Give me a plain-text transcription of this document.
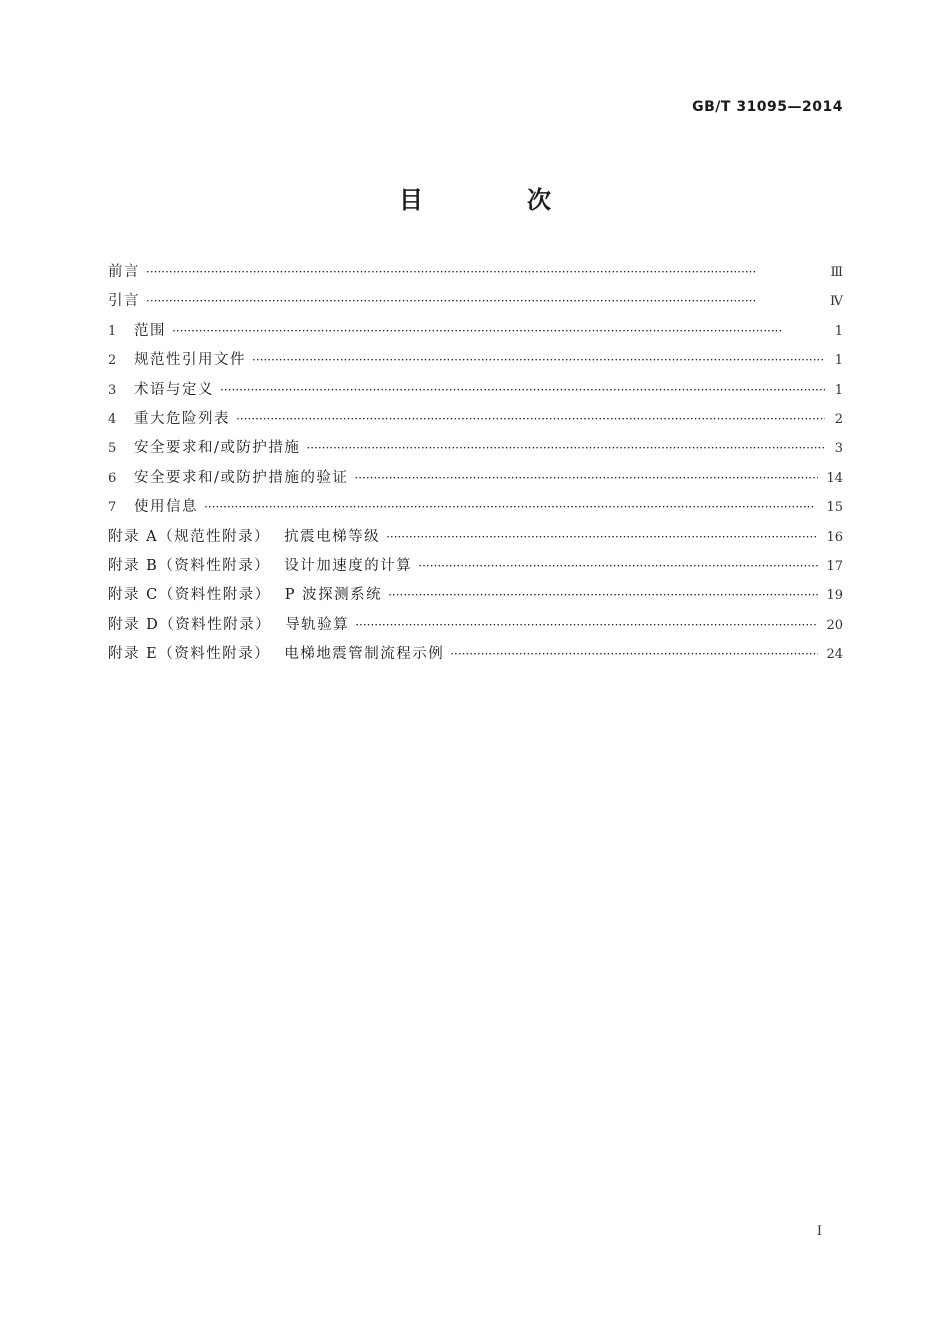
GB/T 31095—2014
目　次
前言 ·····	Ⅲ
引言 ·····	Ⅳ
1	范围 ·····	1
2	规范性引用文件 ·····	1
3	术语与定义 ·····	1
4	重大危险列表 ·····	2
5	安全要求和/或防护措施 ·····	3
6	安全要求和/或防护措施的验证 ·····	14
7	使用信息 ·····	15
附录 A（规范性附录） 抗震电梯等级 ·····	16
附录 B（资料性附录） 设计加速度的计算 ·····	17
附录 C（资料性附录） P 波探测系统 ·····	19
附录 D（资料性附录） 导轨验算 ·····	20
附录 E（资料性附录） 电梯地震管制流程示例 ·····	24
I
